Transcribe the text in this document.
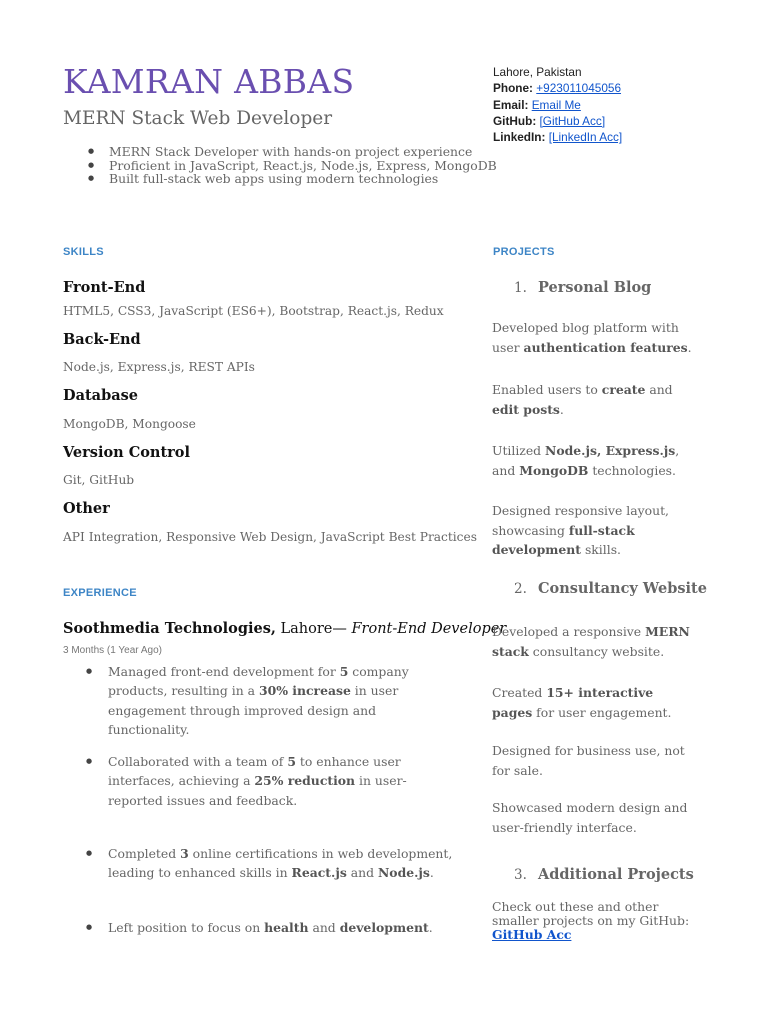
KAMRAN ABBAS
MERN Stack Web Developer
● MERN Stack Developer with hands-on project experience
● Proficient in JavaScript, React.js, Node.js, Express, MongoDB
● Built full-stack web apps using modern technologies
Lahore, Pakistan
Phone: +923011045056
Email: Email Me
GitHub: [GitHub Acc]
LinkedIn: [LinkedIn Acc]
SKILLS
Front-End
HTML5, CSS3, JavaScript (ES6+), Bootstrap, React.js, Redux
Back-End
Node.js, Express.js, REST APIs
Database
MongoDB, Mongoose
Version Control
Git, GitHub
Other
API Integration, Responsive Web Design, JavaScript Best Practices
EXPERIENCE
Soothmedia Technologies, Lahore— Front-End Developer
3 Months (1 Year Ago)
● Managed front-end development for 5 company products, resulting in a 30% increase in user engagement through improved design and functionality.
● Collaborated with a team of 5 to enhance user interfaces, achieving a 25% reduction in user-reported issues and feedback.
● Completed 3 online certifications in web development, leading to enhanced skills in React.js and Node.js.
● Left position to focus on health and development.
PROJECTS
1. Personal Blog
Developed blog platform with user authentication features.
Enabled users to create and edit posts.
Utilized Node.js, Express.js, and MongoDB technologies.
Designed responsive layout, showcasing full-stack development skills.
2. Consultancy Website
Developed a responsive MERN stack consultancy website.
Created 15+ interactive pages for user engagement.
Designed for business use, not for sale.
Showcased modern design and user-friendly interface.
3. Additional Projects
Check out these and other smaller projects on my GitHub: GitHub Acc
